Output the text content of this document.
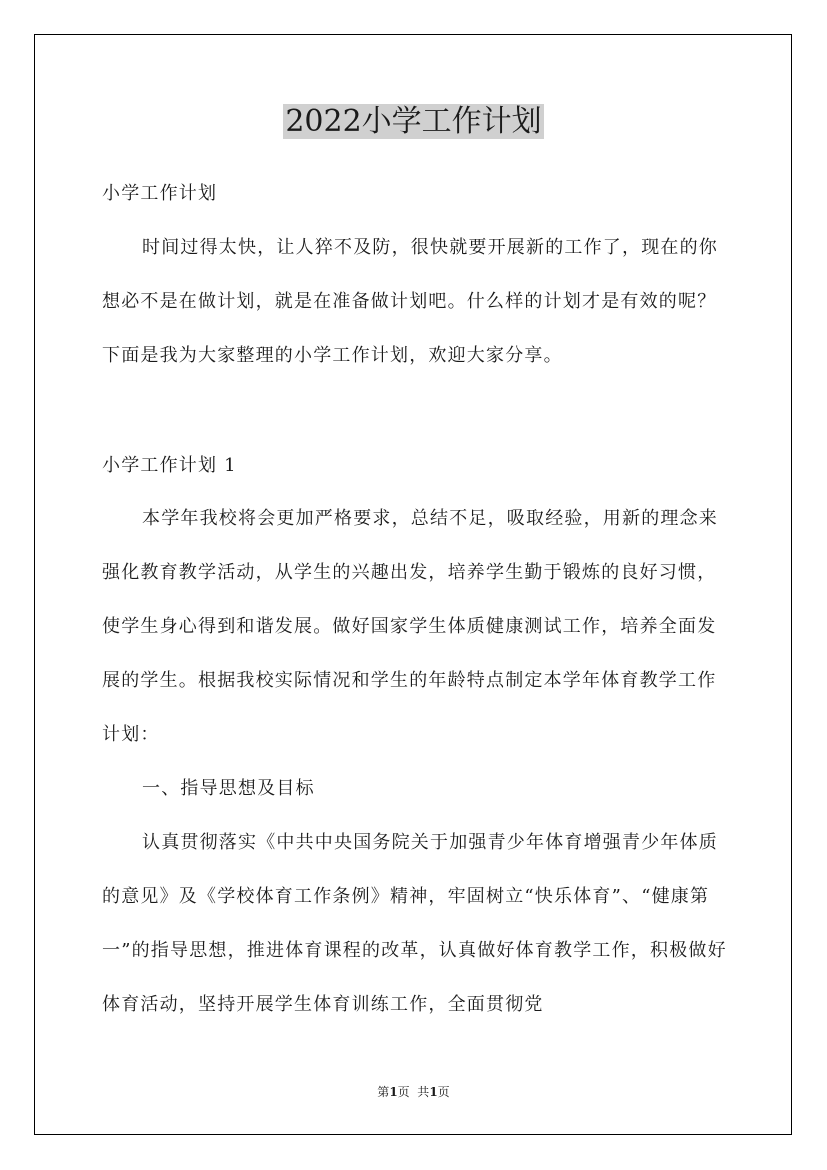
2022小学工作计划

小学工作计划

时间过得太快，让人猝不及防，很快就要开展新的工作了，现在的你想必不是在做计划，就是在准备做计划吧。什么样的计划才是有效的呢？下面是我为大家整理的小学工作计划，欢迎大家分享。

小学工作计划 1

本学年我校将会更加严格要求，总结不足，吸取经验，用新的理念来强化教育教学活动，从学生的兴趣出发，培养学生勤于锻炼的良好习惯，使学生身心得到和谐发展。做好国家学生体质健康测试工作，培养全面发展的学生。根据我校实际情况和学生的年龄特点制定本学年体育教学工作计划：

一、指导思想及目标

认真贯彻落实《中共中央国务院关于加强青少年体育增强青少年体质的意见》及《学校体育工作条例》精神，牢固树立“快乐体育”、“健康第一”的指导思想，推进体育课程的改革，认真做好体育教学工作，积极做好体育活动，坚持开展学生体育训练工作，全面贯彻党

第1页  共1页
